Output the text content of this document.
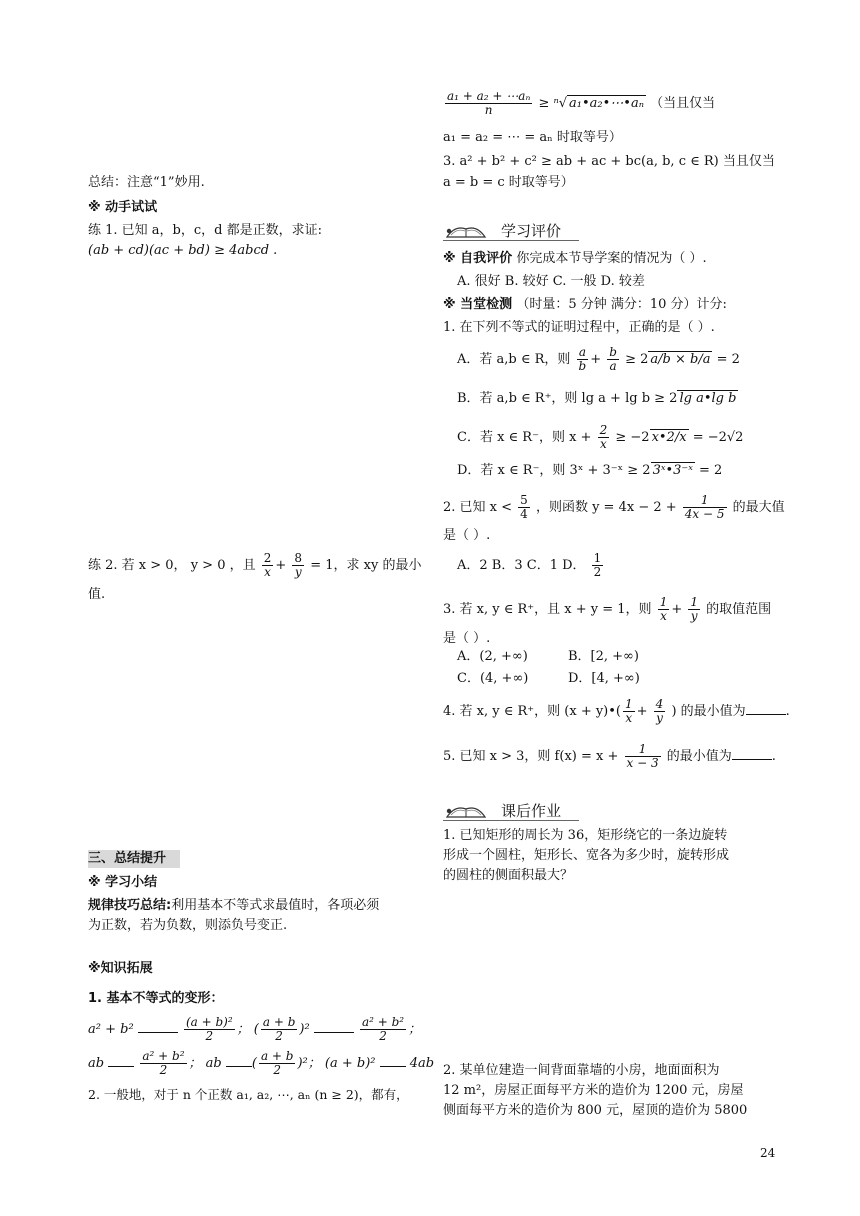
总结：注意“1”妙用.
※ 动手试试
练 1. 已知 a，b，c，d 都是正数，求证:
(ab + cd)(ac + bd) ≥ 4abcd .
练 2. 若 x > 0， y > 0 ，且 $\frac{2}{x} + \frac{8}{y} = 1$，求 xy 的最小
值.
三、总结提升
※ 学习小结
规律技巧总结:利用基本不等式求最值时，各项必须
为正数，若为负数，则添负号变正.
※知识拓展
1. 基本不等式的变形：
a² + b²	$\frac{\text{(a + b)²}}{2}$ ； ( $\frac{a + b}{2} )^2$	$\frac{\text{a² + b²}}{2}$ ；
ab	$\frac{\text{a² + b²}}{2}$ ； ab ( $\frac{a + b}{2} )^2$； (a + b)²	4ab
2. 一般地，对于 n 个正数 a₁, a₂, ⋯, aₙ (n ≥ 2)，都有，
$\frac{\text{a₁ + a₂ + ⋯aₙ}}{n} \ge ^n√$ a₁•a₂•⋯•aₙ （当且仅当
a₁ = a₂ = ⋯ = aₙ 时取等号）
3. a² + b² + c² ≥ ab + ac + bc(a, b, c ∈ R) 当且仅当
a = b = c 时取等号）
学习评价
※ 自我评价 你完成本节导学案的情况为（ ）.
A. 很好 B. 较好 C. 一般 D. 较差
※ 当堂检测 （时量：5 分钟 满分：10 分）计分:
1. 在下列不等式的证明过程中，正确的是（ ）.
A．若 a,b ∈ R，则 $\frac{a}{b} + \frac{b}{a} \ge 2$ a/b × b/a = 2
B．若 a,b ∈ R⁺，则 lg a + lg b ≥ 2 lg a•lg b
C．若 x ∈ R⁻，则 $x + \frac{2}{x} \ge -2$ x•2/x = −2√2
D．若 x ∈ R⁻，则 3ˣ + 3⁻ˣ ≥ 2 3ˣ•3⁻ˣ = 2
2. 已知 $x < \frac{5}{4}$ ，则函数 $y = 4x - 2 + \frac{1}{4x - 5}$ 的最大值
是（ ）.
A．2 B．3 C．1 D． $\frac{1}{2}$
3. 若 x, y ∈ R⁺，且 x + y = 1，则 $\frac{1}{x} + \frac{1}{y}$ 的取值范围
是（ ）.
A．(2, +∞)	B．[2, +∞)
C．(4, +∞)	D．[4, +∞)
4. 若 x, y ∈ R⁺，则 (x + y)•( $\frac{1}{x} + \frac{4}{y}$ ) 的最小值为	.
5. 已知 x > 3，则 $f(x) = x + \frac{1}{x - 3}$ 的最小值为	.
课后作业
1. 已知矩形的周长为 36，矩形绕它的一条边旋转
形成一个圆柱，矩形长、宽各为多少时，旋转形成
的圆柱的侧面积最大？
2. 某单位建造一间背面靠墙的小房，地面面积为
12 m²，房屋正面每平方米的造价为 1200 元，房屋
侧面每平方米的造价为 800 元，屋顶的造价为 5800
24
